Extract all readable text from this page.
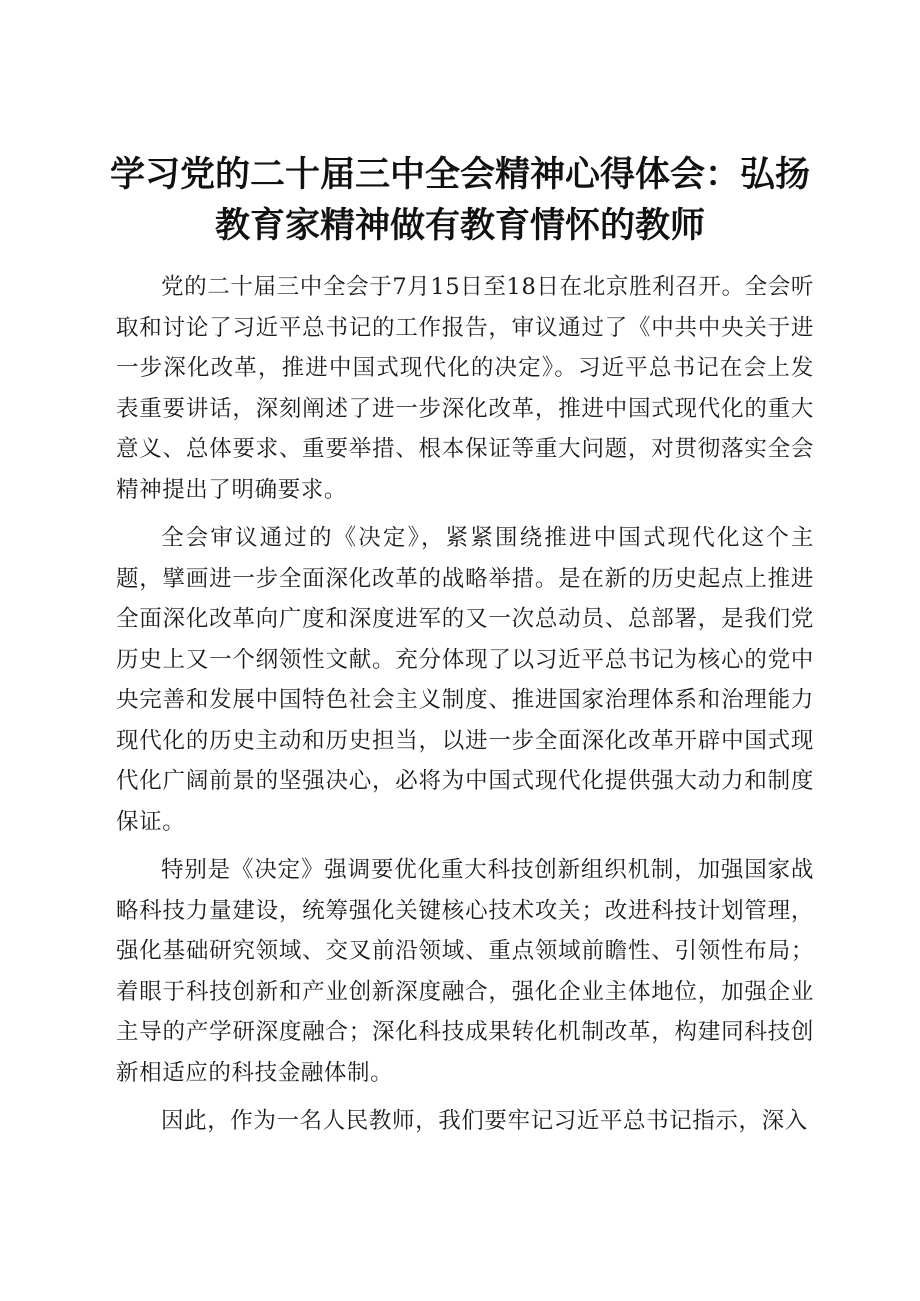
学习党的二十届三中全会精神心得体会：弘扬教育家精神做有教育情怀的教师

党的二十届三中全会于7月15日至18日在北京胜利召开。全会听取和讨论了习近平总书记的工作报告，审议通过了《中共中央关于进一步深化改革，推进中国式现代化的决定》。习近平总书记在会上发表重要讲话，深刻阐述了进一步深化改革，推进中国式现代化的重大意义、总体要求、重要举措、根本保证等重大问题，对贯彻落实全会精神提出了明确要求。

全会审议通过的《决定》，紧紧围绕推进中国式现代化这个主题，擘画进一步全面深化改革的战略举措。是在新的历史起点上推进全面深化改革向广度和深度进军的又一次总动员、总部署，是我们党历史上又一个纲领性文献。充分体现了以习近平总书记为核心的党中央完善和发展中国特色社会主义制度、推进国家治理体系和治理能力现代化的历史主动和历史担当，以进一步全面深化改革开辟中国式现代化广阔前景的坚强决心，必将为中国式现代化提供强大动力和制度保证。

特别是《决定》强调要优化重大科技创新组织机制，加强国家战略科技力量建设，统筹强化关键核心技术攻关；改进科技计划管理，强化基础研究领域、交叉前沿领域、重点领域前瞻性、引领性布局；着眼于科技创新和产业创新深度融合，强化企业主体地位，加强企业主导的产学研深度融合；深化科技成果转化机制改革，构建同科技创新相适应的科技金融体制。

因此，作为一名人民教师，我们要牢记习近平总书记指示，深入
